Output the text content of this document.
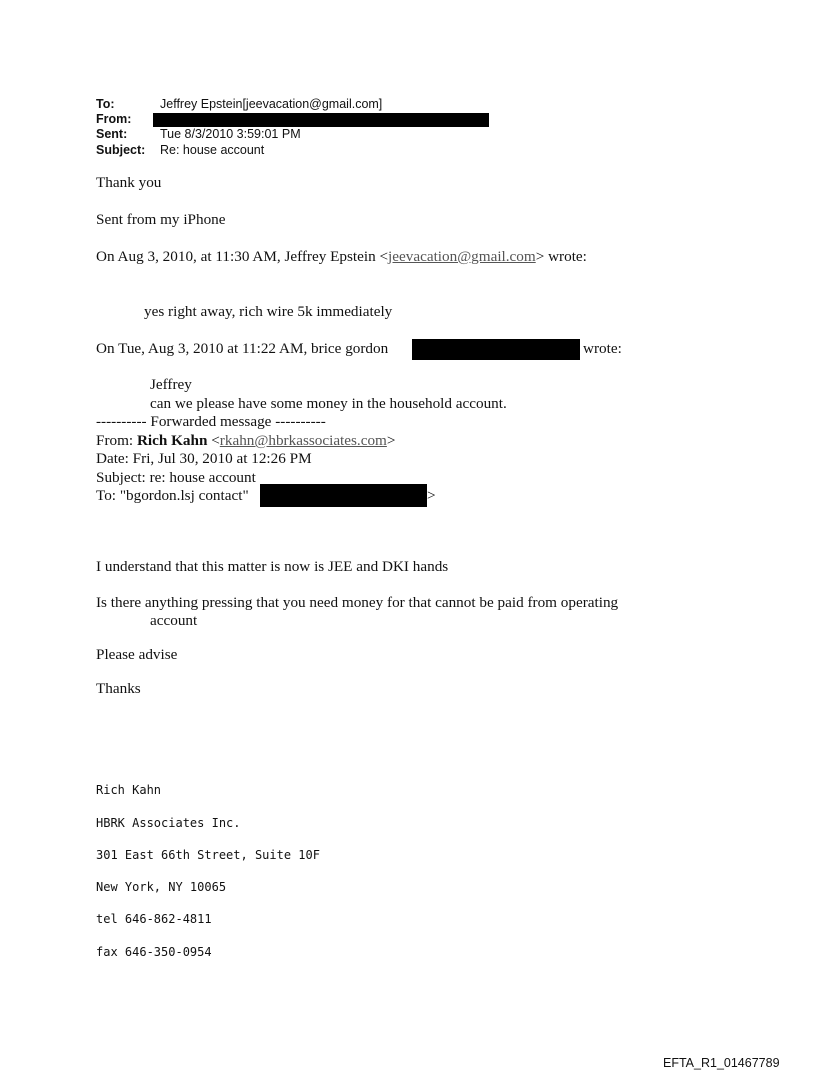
To:	Jeffrey Epstein[jeevacation@gmail.com]
From:
Sent:	Tue 8/3/2010 3:59:01 PM
Subject: Re: house account
Thank you
Sent from my iPhone
On Aug 3, 2010, at 11:30 AM, Jeffrey Epstein <jeevacation@gmail.com> wrote:
yes right away, rich wire 5k immediately
On Tue, Aug 3, 2010 at 11:22 AM, brice gordon	wrote:
Jeffrey
can we please have some money in the household account.
---------- Forwarded message ----------
From: Rich Kahn <rkahn@hbrkassociates.com>
Date: Fri, Jul 30, 2010 at 12:26 PM
Subject: re: house account
To: "bgordon.lsj contact"	>
I understand that this matter is now is JEE and DKI hands
Is there anything pressing that you need money for that cannot be paid from operating
account
Please advise
Thanks
Rich Kahn
HBRK Associates Inc.
301 East 66th Street, Suite 10F
New York, NY 10065
tel 646-862-4811
fax 646-350-0954
EFTA_R1_01467789
